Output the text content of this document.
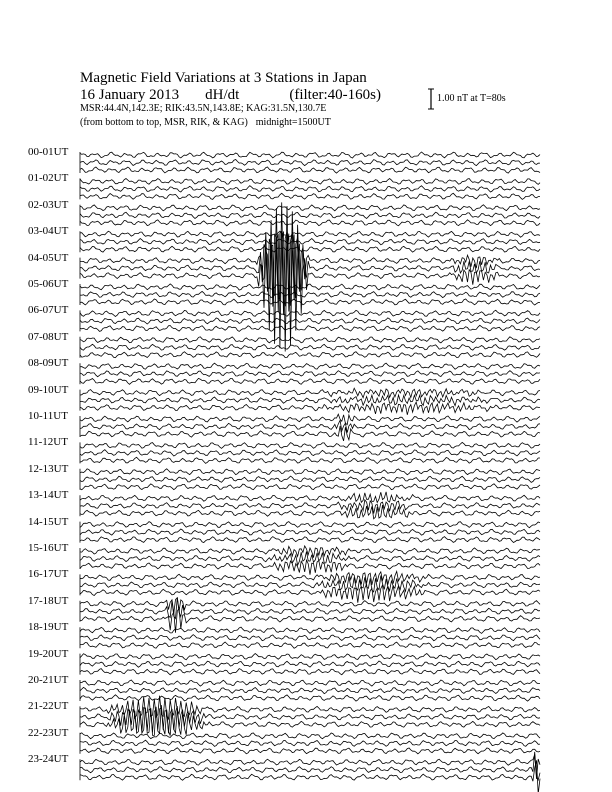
Magnetic Field Variations at 3 Stations in Japan
16 January 2013 dH/dt	(filter:40-160s)
MSR:44.4N,142.3E; RIK:43.5N,143.8E; KAG:31.5N,130.7E
(from bottom to top, MSR, RIK, & KAG) midnight=1500UT
1.00 nT at T=80s
00-01UT
01-02UT
02-03UT
03-04UT
04-05UT
05-06UT
06-07UT
07-08UT
08-09UT
09-10UT
10-11UT
11-12UT
12-13UT
13-14UT
14-15UT
15-16UT
16-17UT
17-18UT
18-19UT
19-20UT
20-21UT
21-22UT
22-23UT
23-24UT
